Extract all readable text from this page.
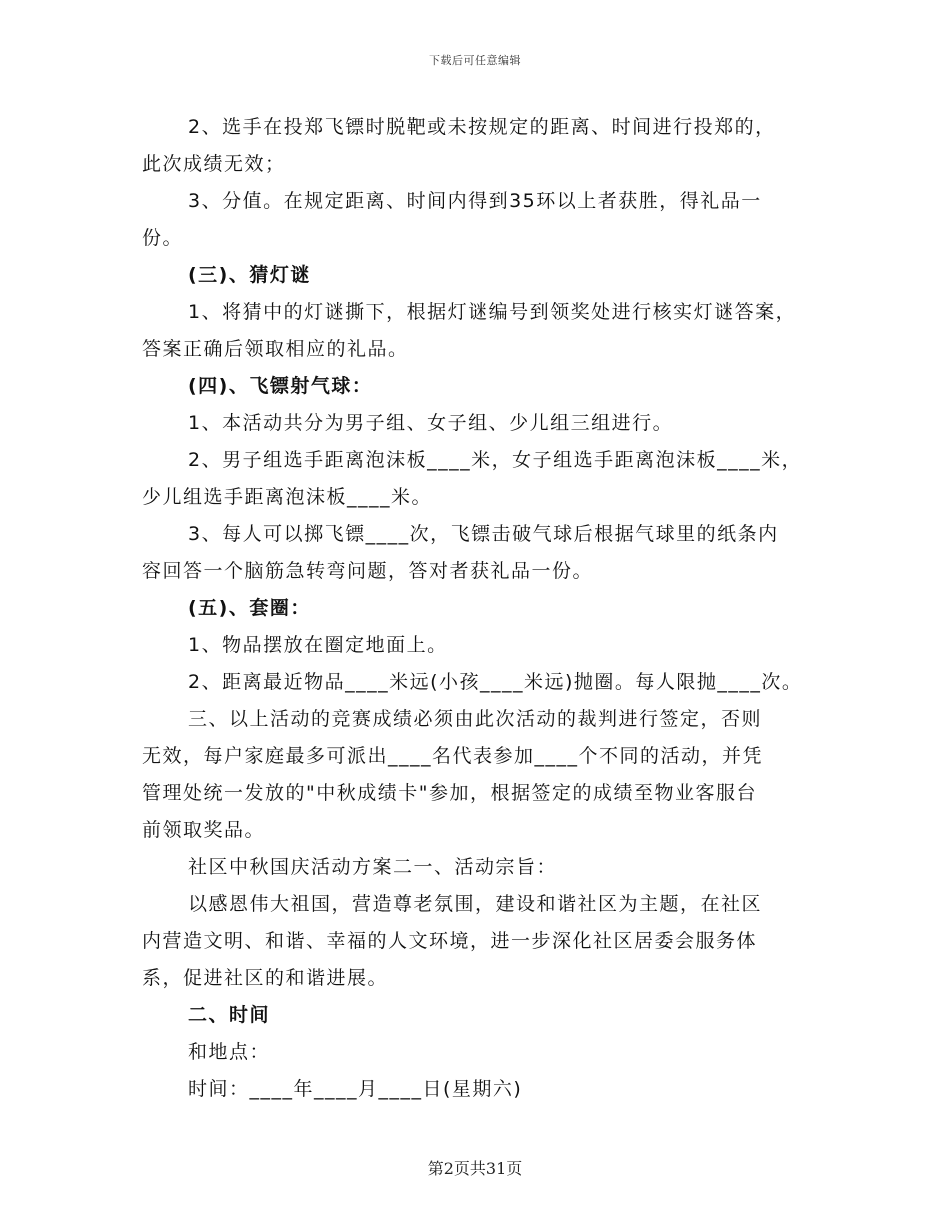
下载后可任意编辑
2、选手在投郑飞镖时脱靶或未按规定的距离、时间进行投郑的，
此次成绩无效；
3、分值。在规定距离、时间内得到35环以上者获胜，得礼品一
份。
(三)、猜灯谜
1、将猜中的灯谜撕下，根据灯谜编号到领奖处进行核实灯谜答案，
答案正确后领取相应的礼品。
(四)、飞镖射气球：
1、本活动共分为男子组、女子组、少儿组三组进行。
2、男子组选手距离泡沫板____米，女子组选手距离泡沫板____米，
少儿组选手距离泡沫板____米。
3、每人可以掷飞镖____次，飞镖击破气球后根据气球里的纸条内
容回答一个脑筋急转弯问题，答对者获礼品一份。
(五)、套圈：
1、物品摆放在圈定地面上。
2、距离最近物品____米远(小孩____米远)抛圈。每人限抛____次。
三、以上活动的竞赛成绩必须由此次活动的裁判进行签定，否则
无效，每户家庭最多可派出____名代表参加____个不同的活动，并凭
管理处统一发放的"中秋成绩卡"参加，根据签定的成绩至物业客服台
前领取奖品。
社区中秋国庆活动方案二一、活动宗旨：
以感恩伟大祖国，营造尊老氛围，建设和谐社区为主题，在社区
内营造文明、和谐、幸福的人文环境，进一步深化社区居委会服务体
系，促进社区的和谐进展。
二、时间
和地点：
时间：____年____月____日(星期六)
第2页共31页
